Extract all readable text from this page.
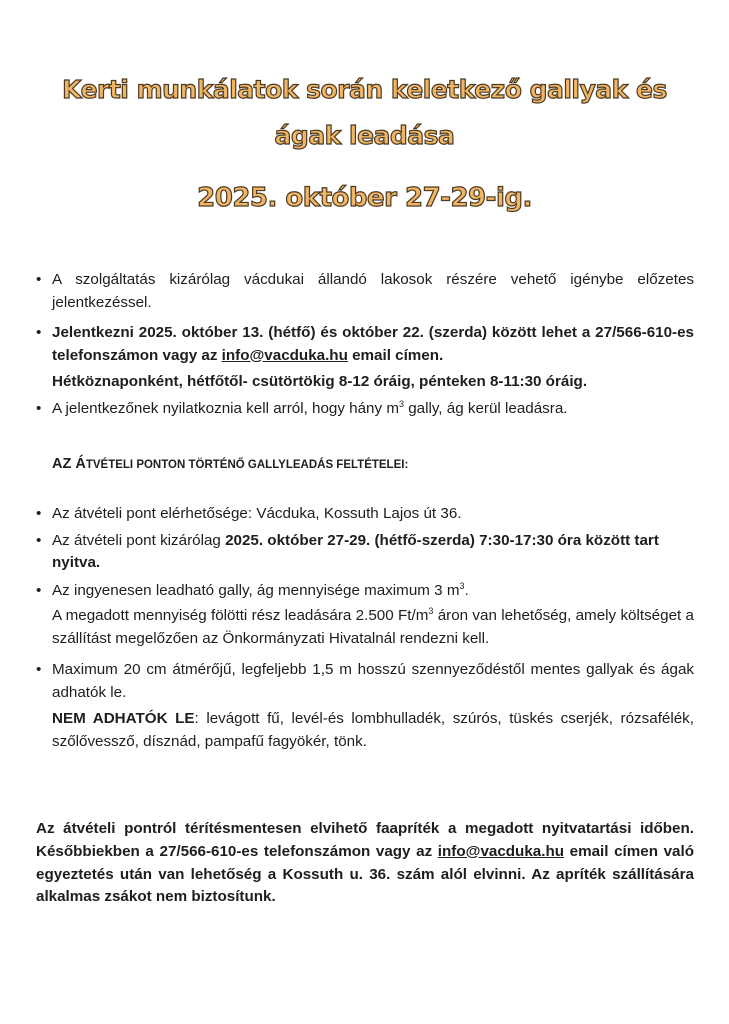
Kerti munkálatok során keletkező gallyak és
ágak leadása
2025. október 27-29-ig.
• A szolgáltatás kizárólag vácdukai állandó lakosok részére vehető igénybe előzetes jelentkezéssel.
• Jelentkezni 2025. október 13. (hétfő) és október 22. (szerda) között lehet a 27/566-610-es telefonszámon vagy az info@vacduka.hu email címen.
Hétköznaponként, hétfőtől- csütörtökig 8-12 óráig, pénteken 8-11:30 óráig.
• A jelentkezőnek nyilatkoznia kell arról, hogy hány $m^3$ gally, ág kerül leadásra.
AZ ÁTVÉTELI PONTON TÖRTÉNŐ GALLYLEADÁS FELTÉTELEI:
• Az átvételi pont elérhetősége: Vácduka, Kossuth Lajos út 36.
• Az átvételi pont kizárólag 2025. október 27-29. (hétfő-szerda) 7:30-17:30 óra között tart nyitva.
• Az ingyenesen leadható gally, ág mennyisége maximum 3 $m^3$.
A megadott mennyiség fölötti rész leadására 2.500 $Ft/m^3$ áron van lehetőség, amely költséget a szállítást megelőzően az Önkormányzati Hivatalnál rendezni kell.
• Maximum 20 cm átmérőjű, legfeljebb 1,5 m hosszú szennyeződéstől mentes gallyak és ágak adhatók le.
NEM ADHATÓK LE: levágott fű, levél-és lombhulladék, szúrós, tüskés cserjék, rózsafélék, szőlővessző, dísznád, pampafű fagyökér, tönk.

Az átvételi pontról térítésmentesen elvihető faapríték a megadott nyitvatartási időben. Későbbiekben a 27/566-610-es telefonszámon vagy az info@vacduka.hu email címen való egyeztetés után van lehetőség a Kossuth u. 36. szám alól elvinni. Az apríték szállítására alkalmas zsákot nem biztosítunk.
